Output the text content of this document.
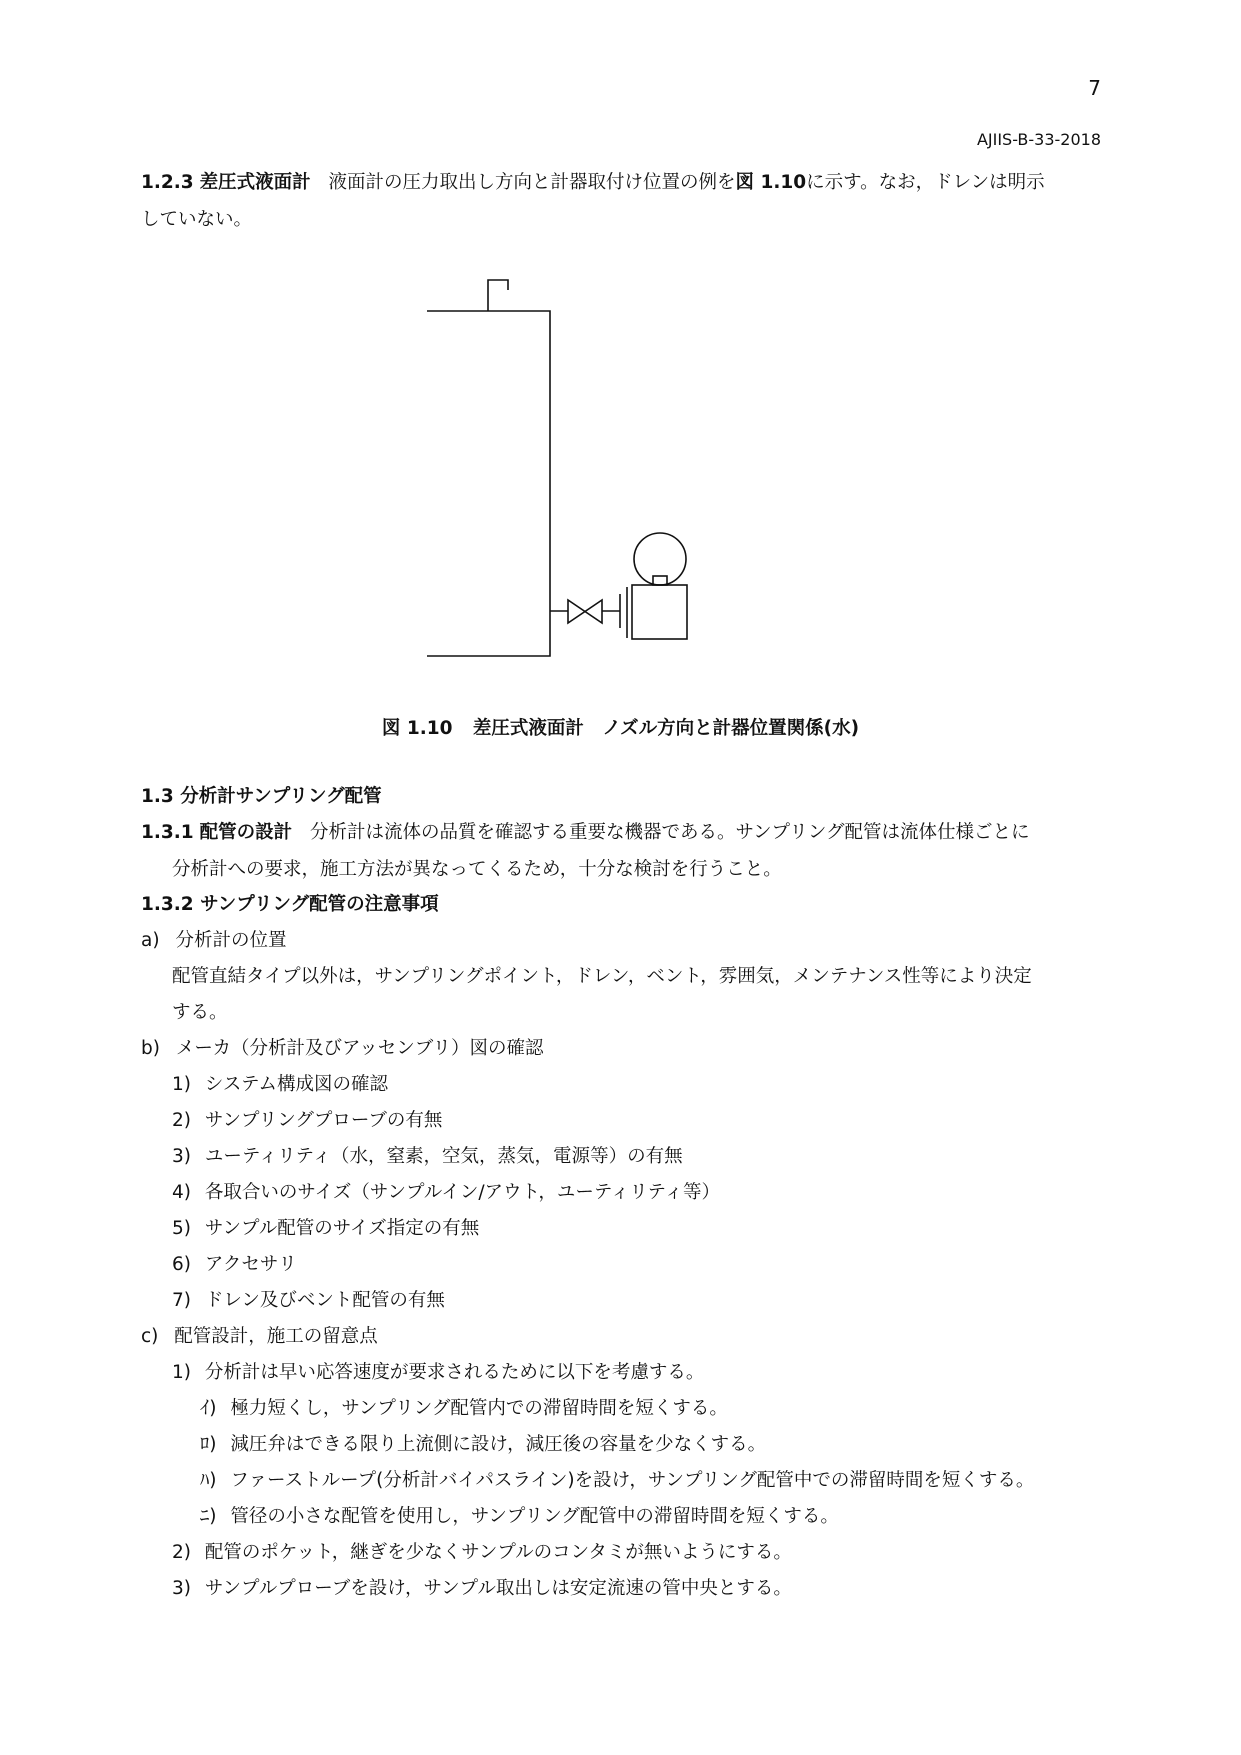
7
AJIIS-B-33-2018
1.2.3 差圧式液面計 液面計の圧力取出し方向と計器取付け位置の例を図 1.10に示す。なお，ドレンは明示
していない。
図 1.10 差圧式液面計　ノズル方向と計器位置関係(水)
1.3 分析計サンプリング配管
1.3.1 配管の設計 分析計は流体の品質を確認する重要な機器である。サンプリング配管は流体仕様ごとに
分析計への要求，施工方法が異なってくるため，十分な検討を行うこと。
1.3.2 サンプリング配管の注意事項
a) 分析計の位置
配管直結タイプ以外は，サンプリングポイント，ドレン，ベント，雰囲気，メンテナンス性等により決定
する。
b) メーカ（分析計及びアッセンブリ）図の確認
1) システム構成図の確認
2) サンプリングプローブの有無
3) ユーティリティ（水，窒素，空気，蒸気，電源等）の有無
4) 各取合いのサイズ（サンプルイン/アウト，ユーティリティ等）
5) サンプル配管のサイズ指定の有無
6) アクセサリ
7) ドレン及びベント配管の有無
c) 配管設計，施工の留意点
1) 分析計は早い応答速度が要求されるために以下を考慮する。
ｲ) 極力短くし，サンプリング配管内での滞留時間を短くする。
ﾛ) 減圧弁はできる限り上流側に設け，減圧後の容量を少なくする。
ﾊ) ファーストループ(分析計バイパスライン)を設け，サンプリング配管中での滞留時間を短くする。
ﾆ) 管径の小さな配管を使用し，サンプリング配管中の滞留時間を短くする。
2) 配管のポケット，継ぎを少なくサンプルのコンタミが無いようにする。
3) サンプルプローブを設け，サンプル取出しは安定流速の管中央とする。
